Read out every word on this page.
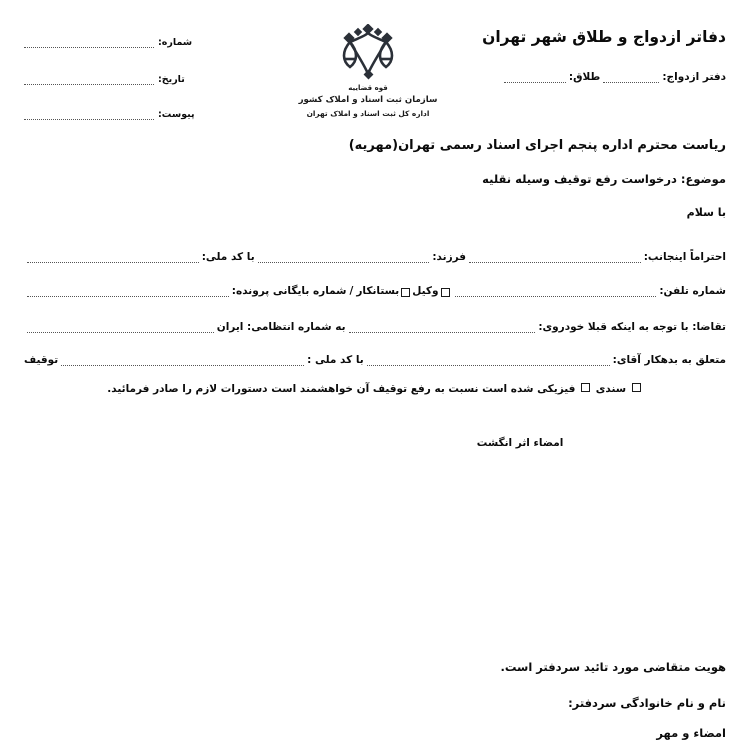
شماره:
تاریخ:
پیوست:
قوه قضاییه
سازمان ثبت اسناد و املاک کشور
اداره کل ثبت اسناد و املاک تهران
دفاتر ازدواج و طلاق شهر تهران
دفتر ازدواج:
طلاق:
ریاست محترم اداره پنجم اجرای اسناد رسمی تهران(مهریه)
موضوع: درخواست رفع توقیف وسیله نقلیه
با سلام
احتراماً اینجانب:
فرزند:
با کد ملی:
شماره تلفن:
وکیل
بستانکار
/
شماره بایگانی پرونده:
تقاضا: با توجه به اینکه قبلا خودروی:
به شماره انتظامی: ایران
متعلق به بدهکار آقای:
با کد ملی :
توقیف
سندی  فیزیکی شده است نسبت به رفع توقیف آن خواهشمند است دستورات لازم را صادر فرمائید.
امضاء اثر انگشت
هویت متقاضی مورد تائید سردفتر است.
نام و نام خانوادگی سردفتر:
امضاء و مهر
